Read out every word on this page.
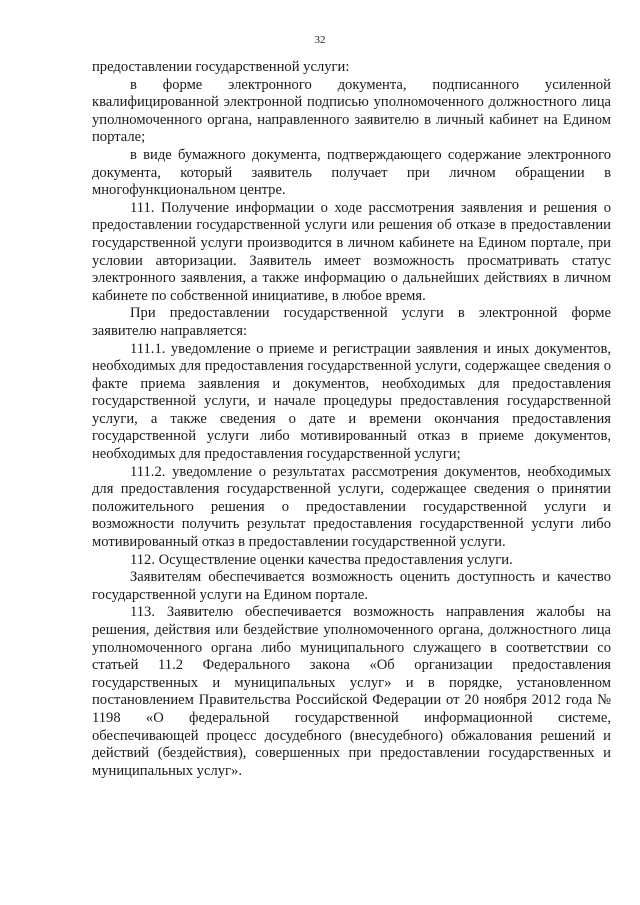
32

предоставлении государственной услуги:

в форме электронного документа, подписанного усиленной квалифицированной электронной подписью уполномоченного должностного лица уполномоченного органа, направленного заявителю в личный кабинет на Едином портале;

в виде бумажного документа, подтверждающего содержание электронного документа, который заявитель получает при личном обращении в многофункциональном центре.

111. Получение информации о ходе рассмотрения заявления и решения о предоставлении государственной услуги или решения об отказе в предоставлении государственной услуги производится в личном кабинете на Едином портале, при условии авторизации. Заявитель имеет возможность просматривать статус электронного заявления, а также информацию о дальнейших действиях в личном кабинете по собственной инициативе, в любое время.

При предоставлении государственной услуги в электронной форме заявителю направляется:

111.1. уведомление о приеме и регистрации заявления и иных документов, необходимых для предоставления государственной услуги, содержащее сведения о факте приема заявления и документов, необходимых для предоставления государственной услуги, и начале процедуры предоставления государственной услуги, а также сведения о дате и времени окончания предоставления государственной услуги либо мотивированный отказ в приеме документов, необходимых для предоставления государственной услуги;

111.2. уведомление о результатах рассмотрения документов, необходимых для предоставления государственной услуги, содержащее сведения о принятии положительного решения о предоставлении государственной услуги и возможности получить результат предоставления государственной услуги либо мотивированный отказ в предоставлении государственной услуги.

112. Осуществление оценки качества предоставления услуги.

Заявителям обеспечивается возможность оценить доступность и качество государственной услуги на Едином портале.

113. Заявителю обеспечивается возможность направления жалобы на решения, действия или бездействие уполномоченного органа, должностного лица уполномоченного органа либо муниципального служащего в соответствии со статьей 11.2 Федерального закона «Об организации предоставления государственных и муниципальных услуг» и в порядке, установленном постановлением Правительства Российской Федерации от 20 ноября 2012 года № 1198 «О федеральной государственной информационной системе, обеспечивающей процесс досудебного (внесудебного) обжалования решений и действий (бездействия), совершенных при предоставлении государственных и муниципальных услуг».
